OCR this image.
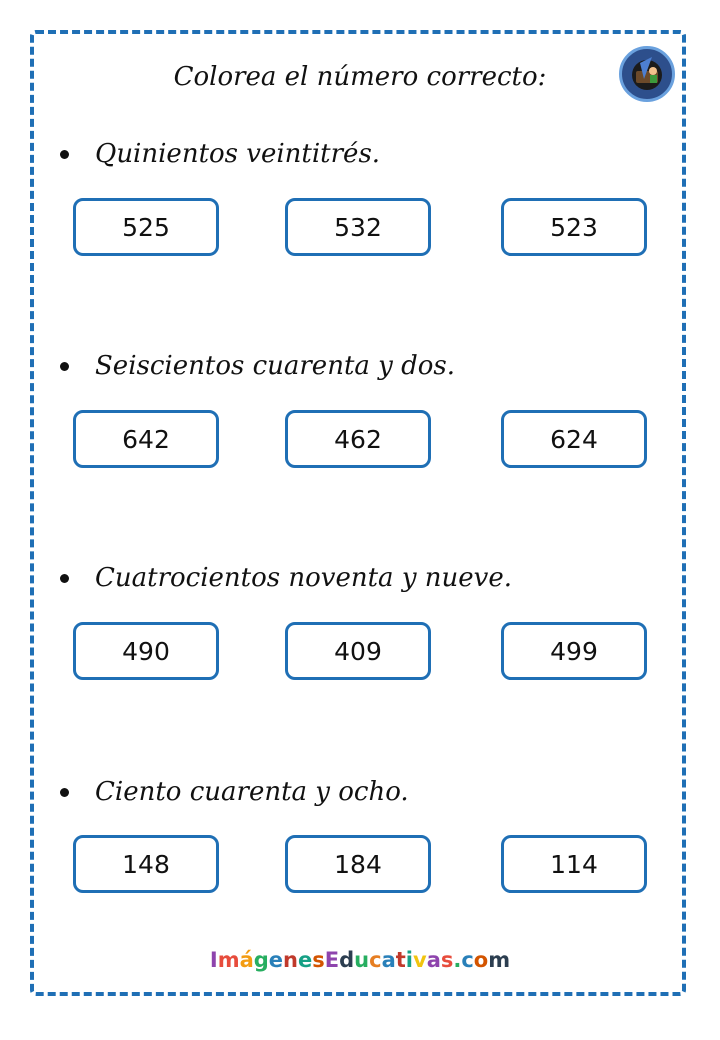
Colorea el número correcto:
Quinientos veintitrés.
525	532	523
Seiscientos cuarenta y dos.
642	462	624
Cuatrocientos noventa y nueve.
490	409	499
Ciento cuarenta y ocho.
148	184	114
ImágenesEducativas.com
